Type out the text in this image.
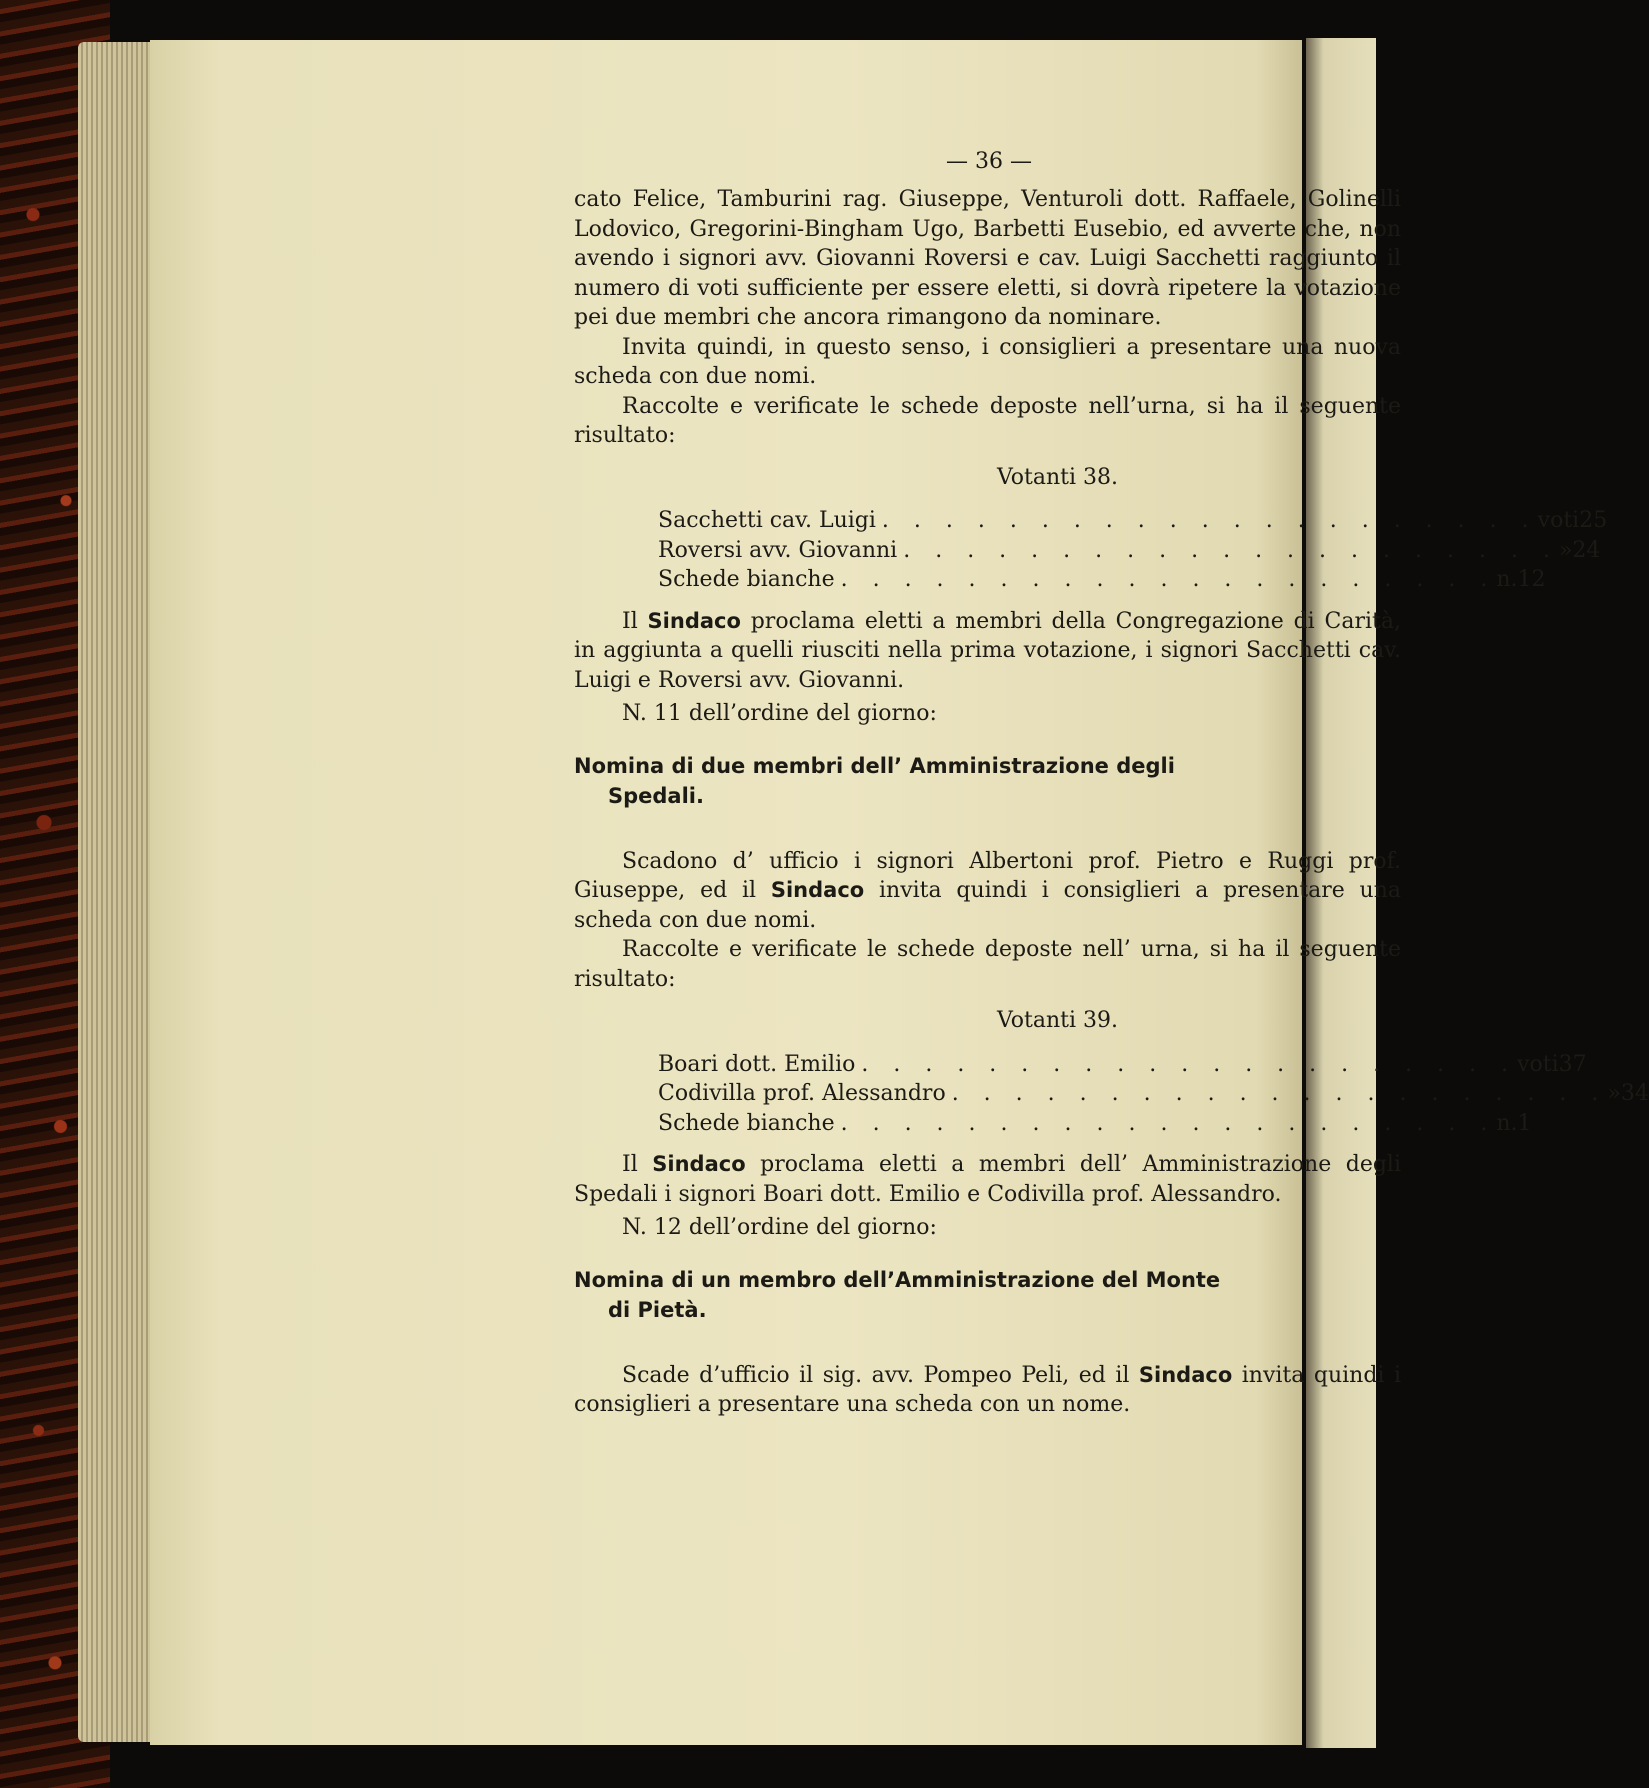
— 36 —

cato Felice, Tamburini rag. Giuseppe, Venturoli dott. Raffaele, Golinelli Lodovico, Gregorini-Bingham Ugo, Barbetti Eusebio, ed avverte che, non avendo i signori avv. Giovanni Roversi e cav. Luigi Sacchetti raggiunto il numero di voti sufficiente per essere eletti, si dovrà ripetere la votazione pei due membri che ancora rimangono da nominare.

Invita quindi, in questo senso, i consiglieri a presentare una nuova scheda con due nomi.

Raccolte e verificate le schede deposte nell’urna, si ha il seguente risultato:

Votanti 38.
Sacchetti cav. Luigi . . . . . . . . . . . . . . . . . . . . . voti 25
Roversi avv. Giovanni . . . . . . . . . . . . . . . . . . . . . » 24
Schede bianche . . . . . . . . . . . . . . . . . . . . . n. 12

Il Sindaco proclama eletti a membri della Congregazione di Carità, in aggiunta a quelli riusciti nella prima votazione, i signori Sacchetti cav. Luigi e Roversi avv. Giovanni.

N. 11 dell’ordine del giorno:

Nomina di due membri dell’ Amministrazione degli
Spedali.

Scadono d’ ufficio i signori Albertoni prof. Pietro e Ruggi prof. Giuseppe, ed il Sindaco invita quindi i consiglieri a presentare una scheda con due nomi.

Raccolte e verificate le schede deposte nell’ urna, si ha il seguente risultato:

Votanti 39.
Boari dott. Emilio . . . . . . . . . . . . . . . . . . . . . voti 37
Codivilla prof. Alessandro . . . . . . . . . . . . . . . . . . . . . » 34
Schede bianche . . . . . . . . . . . . . . . . . . . . . n. 1

Il Sindaco proclama eletti a membri dell’ Amministrazione degli Spedali i signori Boari dott. Emilio e Codivilla prof. Alessandro.

N. 12 dell’ordine del giorno:

Nomina di un membro dell’Amministrazione del Monte
di Pietà.

Scade d’ufficio il sig. avv. Pompeo Peli, ed il Sindaco invita quindi i consiglieri a presentare una scheda con un nome.
